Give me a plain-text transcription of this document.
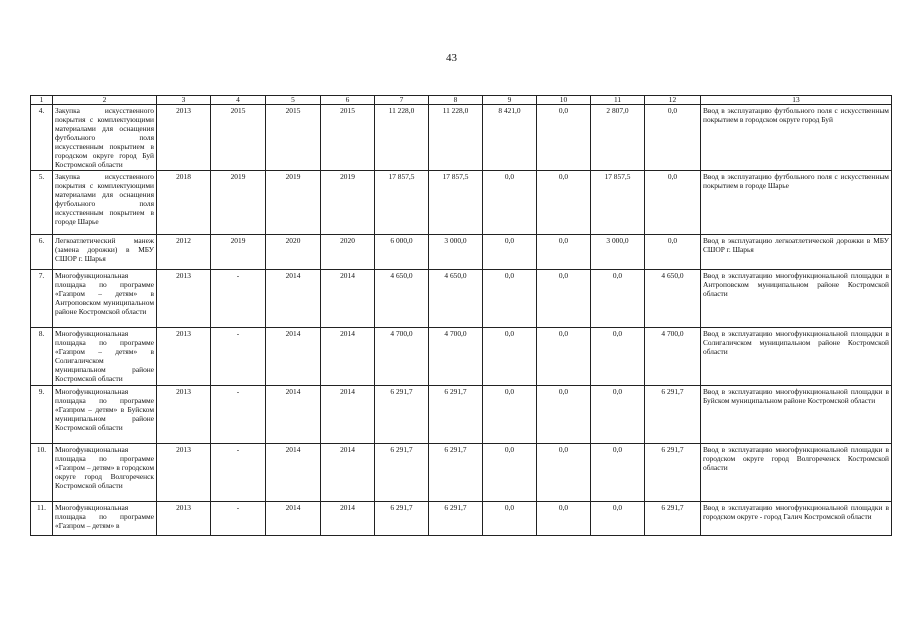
43
1	2	3	4	5	6	7	8	9	10	11	12	13
4.	Закупка искусственного покрытия с комплектующими материалами для оснащения футбольного поля искусственным покрытием в городском округе город Буй Костромской области	2013	2015	2015	2015	11 228,0	11 228,0	8 421,0	0,0	2 807,0	0,0	Ввод в эксплуатацию футбольного поля с искусственным покрытием в городском округе город Буй
5.	Закупка искусственного покрытия с комплектующими материалами для оснащения футбольного поля искусственным покрытием в городе Шарье	2018	2019	2019	2019	17 857,5	17 857,5	0,0	0,0	17 857,5	0,0	Ввод в эксплуатацию футбольного поля с искусственным покрытием в городе Шарье
6.	Легкоатлетический манеж (замена дорожки) в МБУ СШОР г. Шарья	2012	2019	2020	2020	6 000,0	3 000,0	0,0	0,0	3 000,0	0,0	Ввод в эксплуатацию легкоатлетической дорожки в МБУ СШОР г. Шарья
7.	Многофункциональная площадка по программе «Газпром – детям» в Антроповском муниципальном районе Костромской области	2013	-	2014	2014	4 650,0	4 650,0	0,0	0,0	0,0	4 650,0	Ввод в эксплуатацию многофункциональной площадки в Антроповском муниципальном районе Костромской области
8.	Многофункциональная площадка по программе «Газпром – детям» в Солигаличском муниципальном районе Костромской области	2013	-	2014	2014	4 700,0	4 700,0	0,0	0,0	0,0	4 700,0	Ввод в эксплуатацию многофункциональной площадки в Солигаличском муниципальном районе Костромской области
9.	Многофункциональная площадка по программе «Газпром – детям» в Буйском муниципальном районе Костромской области	2013	-	2014	2014	6 291,7	6 291,7	0,0	0,0	0,0	6 291,7	Ввод в эксплуатацию многофункциональной площадки в Буйском муниципальном районе Костромской области
10.	Многофункциональная площадка по программе «Газпром – детям» в городском округе город Волгореченск Костромской области	2013	-	2014	2014	6 291,7	6 291,7	0,0	0,0	0,0	6 291,7	Ввод в эксплуатацию многофункциональной площадки в городском округе город Волгореченск Костромской области
11.	Многофункциональная площадка по программе «Газпром – детям» в	2013	-	2014	2014	6 291,7	6 291,7	0,0	0,0	0,0	6 291,7	Ввод в эксплуатацию многофункциональной площадки в городском округе - город Галич Костромской области
